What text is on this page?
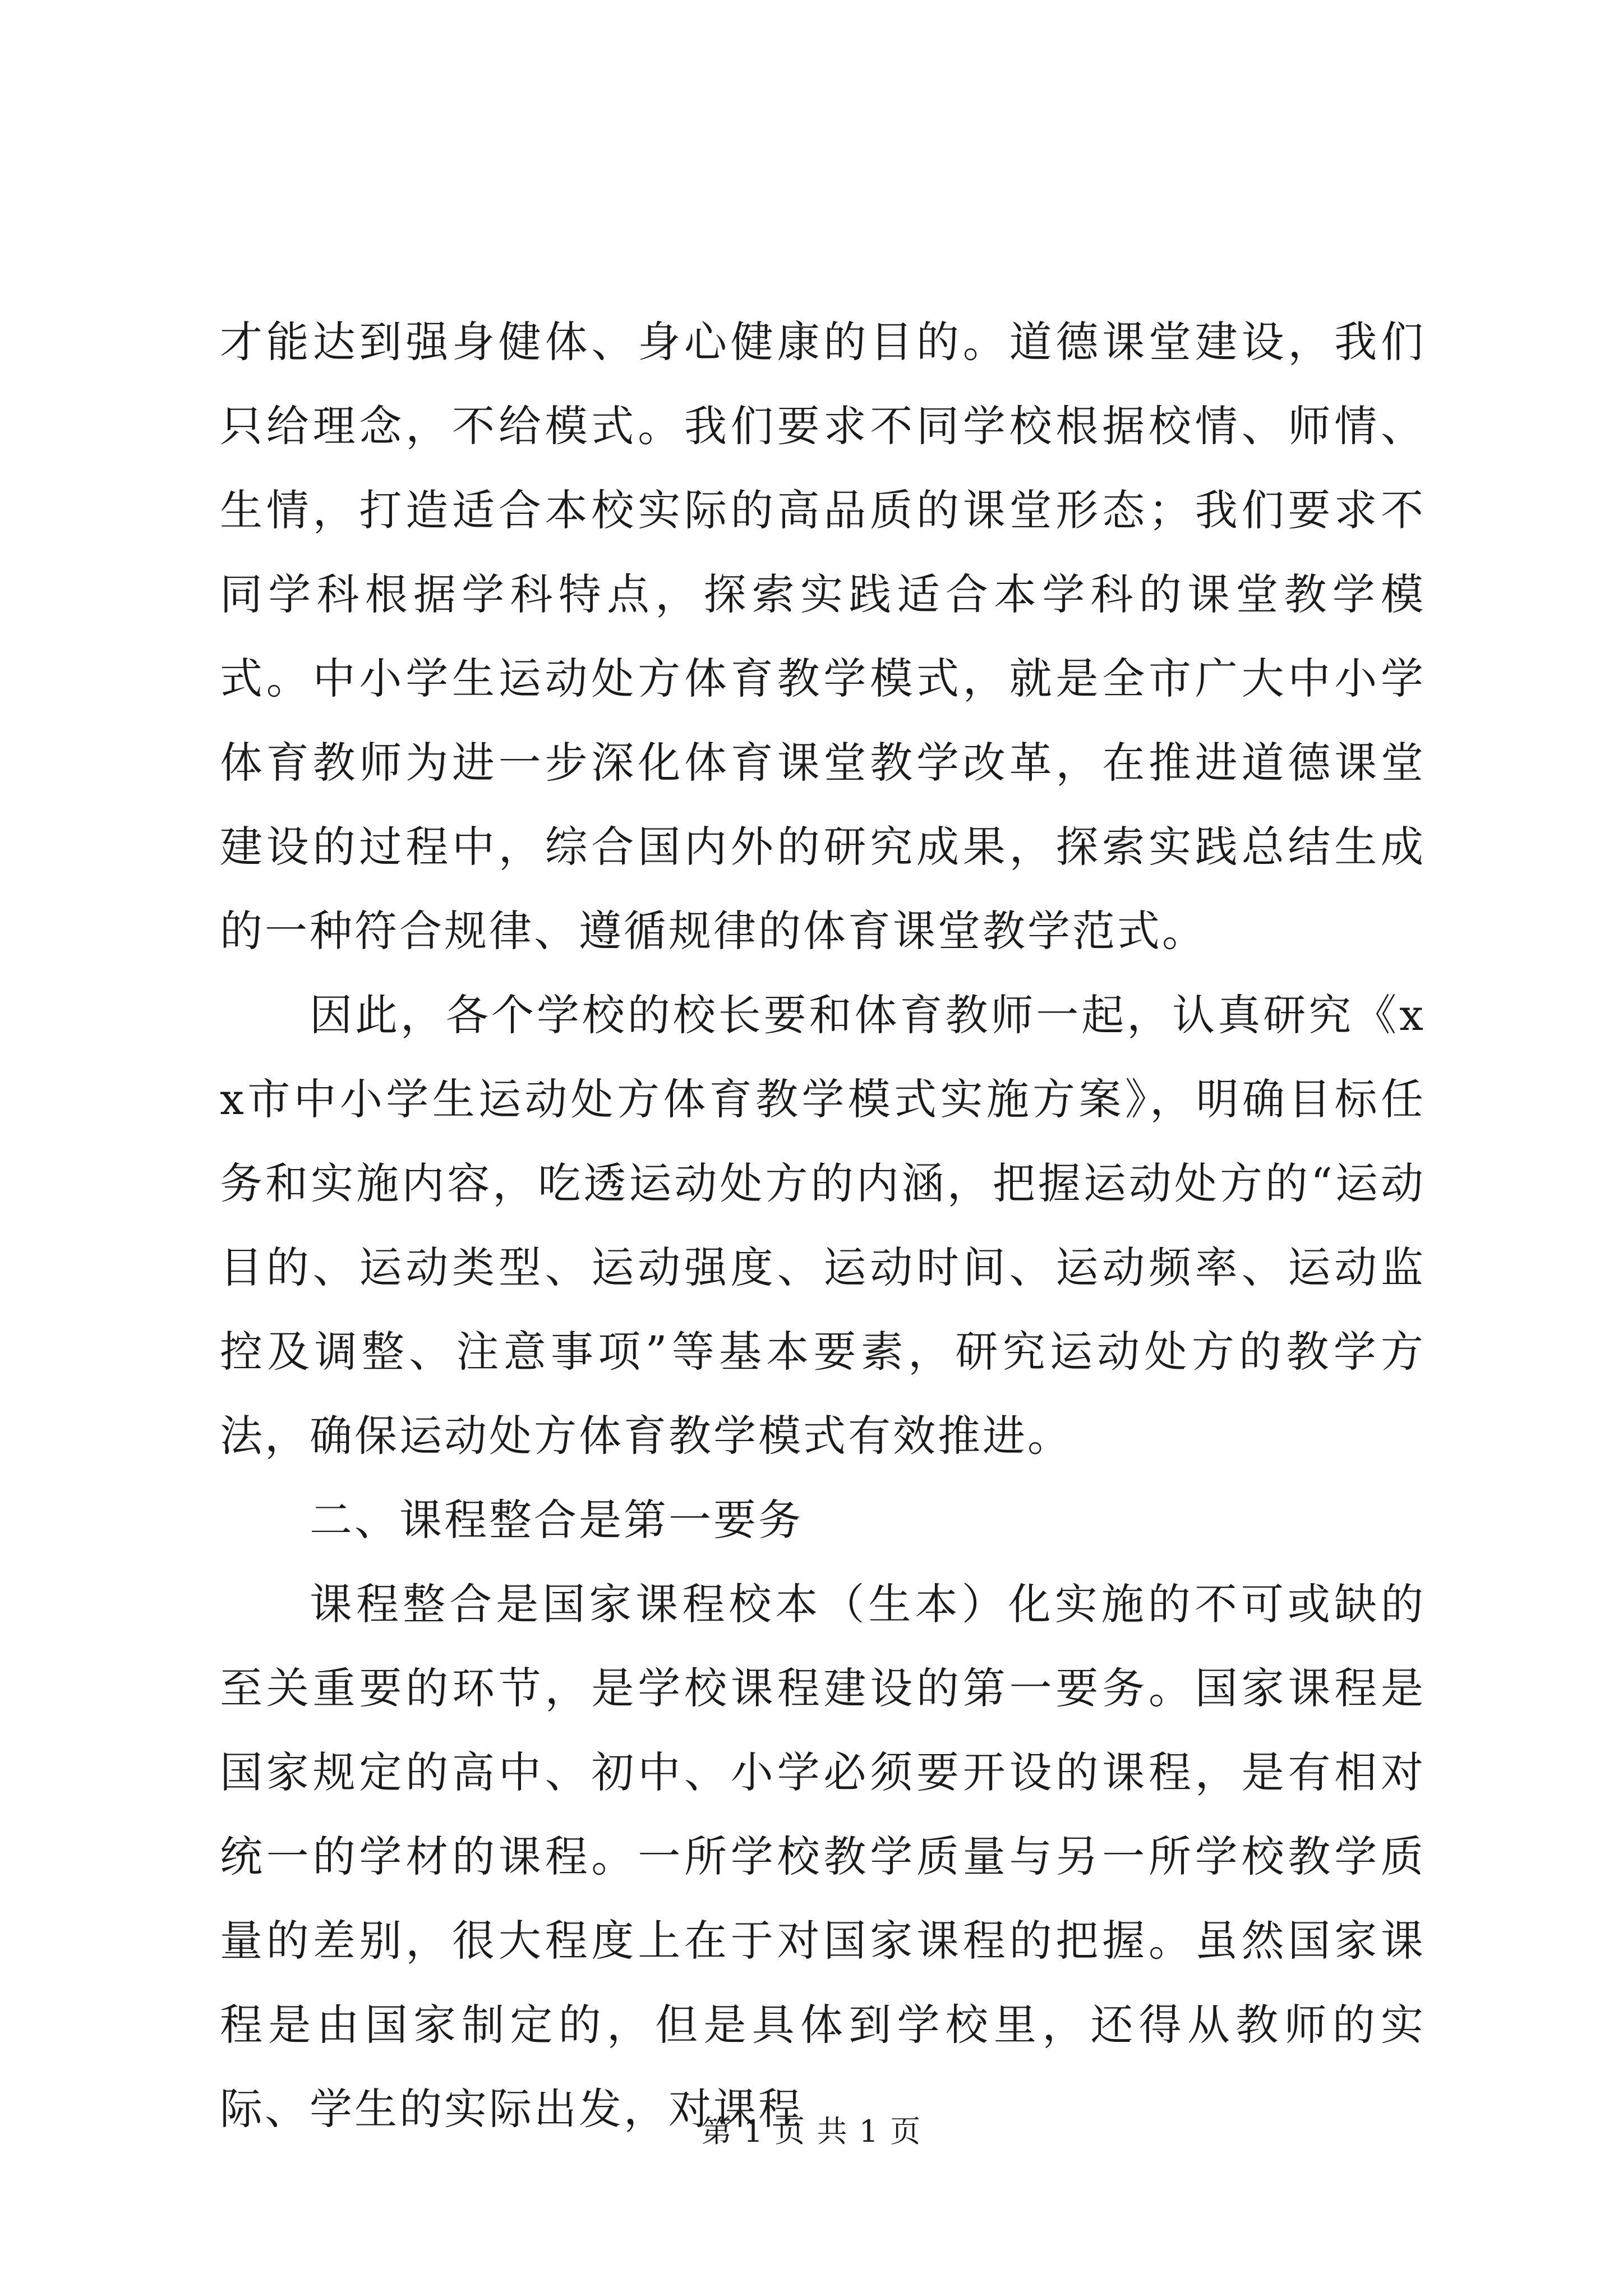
才能达到强身健体、身心健康的目的。道德课堂建设，我们只给理念，不给模式。我们要求不同学校根据校情、师情、生情，打造适合本校实际的高品质的课堂形态；我们要求不同学科根据学科特点，探索实践适合本学科的课堂教学模式。中小学生运动处方体育教学模式，就是全市广大中小学体育教师为进一步深化体育课堂教学改革，在推进道德课堂建设的过程中，综合国内外的研究成果，探索实践总结生成的一种符合规律、遵循规律的体育课堂教学范式。

因此，各个学校的校长要和体育教师一起，认真研究《xx市中小学生运动处方体育教学模式实施方案》，明确目标任务和实施内容，吃透运动处方的内涵，把握运动处方的“运动目的、运动类型、运动强度、运动时间、运动频率、运动监控及调整、注意事项”等基本要素，研究运动处方的教学方法，确保运动处方体育教学模式有效推进。

二、课程整合是第一要务

课程整合是国家课程校本（生本）化实施的不可或缺的至关重要的环节，是学校课程建设的第一要务。国家课程是国家规定的高中、初中、小学必须要开设的课程，是有相对统一的学材的课程。一所学校教学质量与另一所学校教学质量的差别，很大程度上在于对国家课程的把握。虽然国家课程是由国家制定的，但是具体到学校里，还得从教师的实际、学生的实际出发，对课程

第 1 页 共 1 页
